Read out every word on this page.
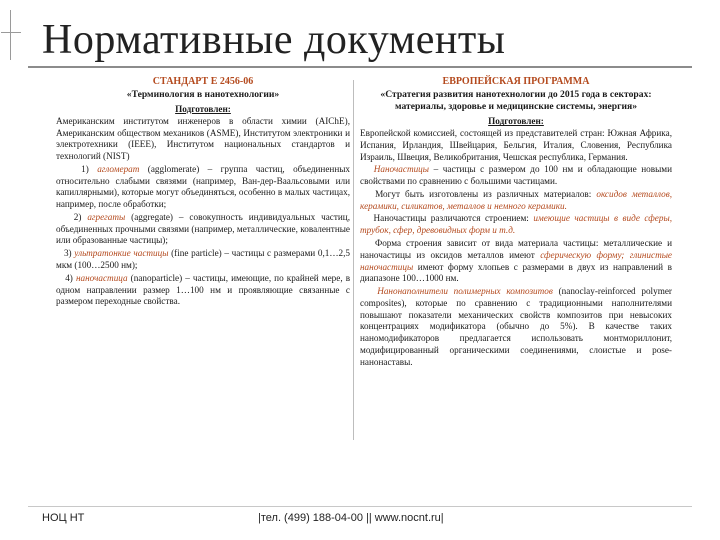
Нормативные документы
СТАНДАРТ Е 2456-06
«Терминология в нанотехнологии»
Подготовлен:

Американским институтом инженеров в области химии (AIChE), Американским обществом механиков (ASME), Институтом электроники и электротехники (IEEE), Институтом национальных стандартов и технологий (NIST)

1) агломерат (agglomerate) – группа частиц, объединенных относительно слабыми связями (например, Ван-дер-Ваальсовыми или капиллярными), которые могут объединяться, особенно в малых частицах, например, после обработки;

2) агрегаты (aggregate) – совокупность индивидуальных частиц, объединенных прочными связями (например, металлические, ковалентные или образованные частицы);

3) ультратонкие частицы (fine particle) – частицы с размерами 0,1…2,5 мкм (100…2500 нм);

4) наночастица (nanoparticle) – частицы, имеющие, по крайней мере, в одном направлении размер 1…100 нм и проявляющие связанные с размером переходные свойства.

ЕВРОПЕЙСКАЯ ПРОГРАММА
«Стратегия развития нанотехнологии до 2015 года в секторах: материалы, здоровье и медицинские системы, энергия»
Подготовлен:

Европейской комиссией, состоящей из представителей стран: Южная Африка, Испания, Ирландия, Швейцария, Бельгия, Италия, Словения, Республика Израиль, Швеция, Великобритания, Чешская республика, Германия.

Наночастицы – частицы с размером до 100 нм и обладающие новыми свойствами по сравнению с большими частицами.

Могут быть изготовлены из различных материалов: оксидов металлов, керамики, силикатов, металлов и немного керамики.

Наночастицы различаются строением: имеющие частицы в виде сферы, трубок, сфер, древовидных форм и т.д.

Форма строения зависит от вида материала частицы: металлические и наночастицы из оксидов металлов имеют сферическую форму; глинистые наночастицы имеют форму хлопьев с размерами в двух из направлений в диапазоне 100…1000 нм.

Нанонаполнители полимерных композитов (nanoclay-reinforced polymer composites), которые по сравнению с традиционными наполнителями повышают показатели механических свойств композитов при невысоких концентрациях модификатора (обычно до 5%). В качестве таких наномодификаторов предлагается использовать монтмориллонит, модифицированный органическими соединениями, слоистые и рosе-нанонаставы.

НОЦ НТ	|тел. (499) 188-04-00 || www.nocnt.ru|
